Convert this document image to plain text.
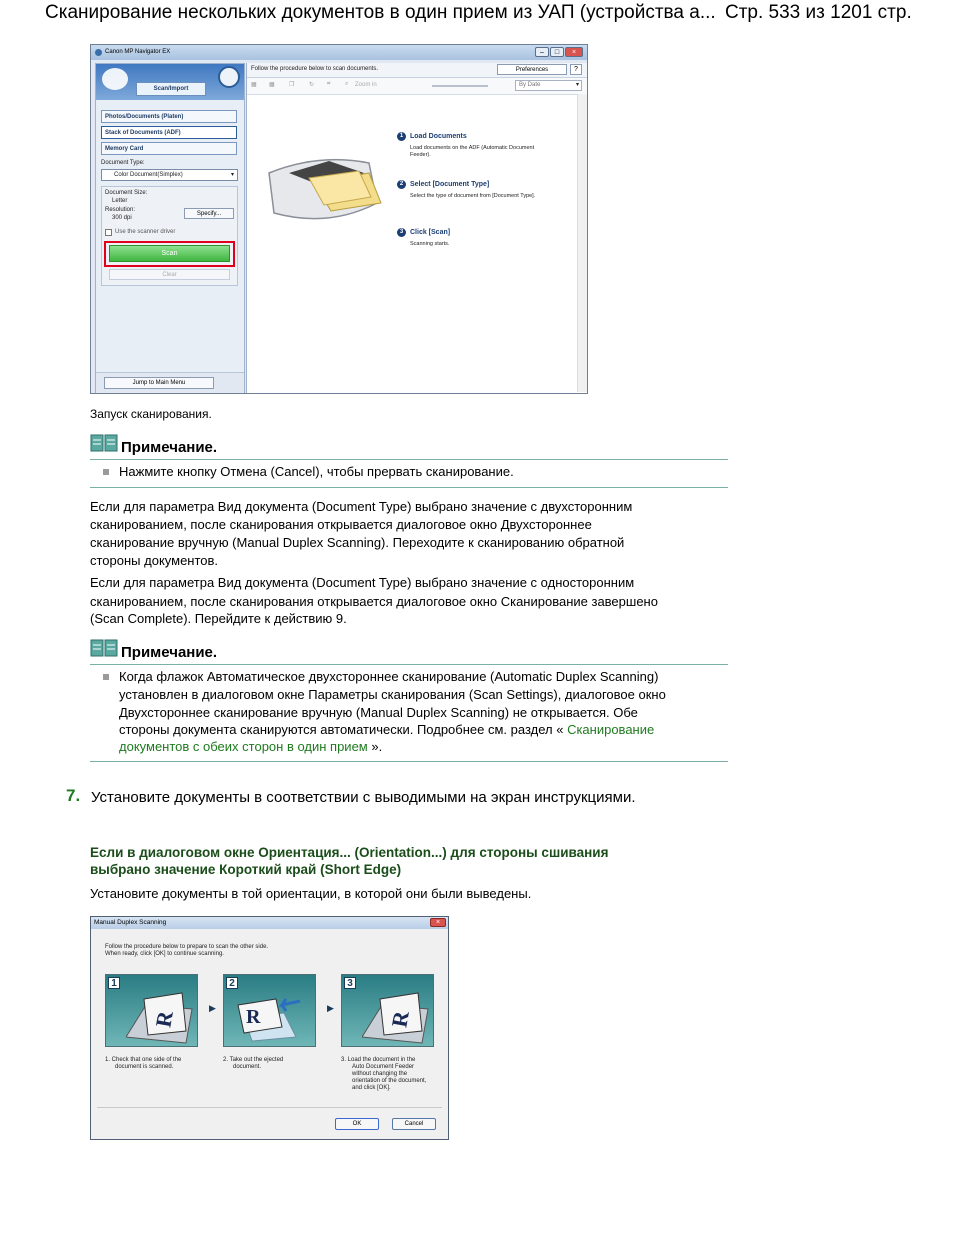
Сканирование нескольких документов в один прием из УАП (устройства а... Стр. 533 из 1201 стр.
Canon MP Navigator EX	–	□	×
Scan/Import
Photos/Documents (Platen)
Stack of Documents (ADF)
Memory Card
Document Type:
Color Document(Simplex)	▾
Document Size:
Letter
Resolution:
300 dpi
Specify...
Use the scanner driver
Scan
Clear
Jump to Main Menu
Follow the procedure below to scan documents.	Preferences	?
▦ ▦ ❐ ↻ ⌗ ⌕ Zoom in	By Date	▾
1 Load Documents
Load documents on the ADF (Automatic Document
Feeder).
2 Select [Document Type]
Select the type of document from [Document Type].
3 Click [Scan]
Scanning starts.
Запуск сканирования.
Примечание.
Нажмите кнопку Отмена (Cancel), чтобы прервать сканирование.
Если для параметра Вид документа (Document Type) выбрано значение с двухсторонним
сканированием, после сканирования открывается диалоговое окно Двухстороннее
сканирование вручную (Manual Duplex Scanning). Переходите к сканированию обратной
стороны документов.
Если для параметра Вид документа (Document Type) выбрано значение с односторонним
сканированием, после сканирования открывается диалоговое окно Сканирование завершено
(Scan Complete). Перейдите к действию 9.
Примечание.
Когда флажок Автоматическое двухстороннее сканирование (Automatic Duplex Scanning)
установлен в диалоговом окне Параметры сканирования (Scan Settings), диалоговое окно
Двухстороннее сканирование вручную (Manual Duplex Scanning) не открывается. Обе
стороны документа сканируются автоматически. Подробнее см. раздел « Сканирование
документов с обеих сторон в один прием ».
7. Установите документы в соответствии с выводимыми на экран инструкциями.
Если в диалоговом окне Ориентация... (Orientation...) для стороны сшивания
выбрано значение Короткий край (Short Edge)
Установите документы в той ориентации, в которой они были выведены.
Manual Duplex Scanning	×
Follow the procedure below to prepare to scan the other side.
When ready, click [OK] to continue scanning.
1
R
▶
2
R	▶
3
R
1. Check that one side of the
document is scanned.
2. Take out the ejected
document.
3. Load the document in the
Auto Document Feeder
without changing the
orientation of the document,
and click [OK].
OK	Cancel
